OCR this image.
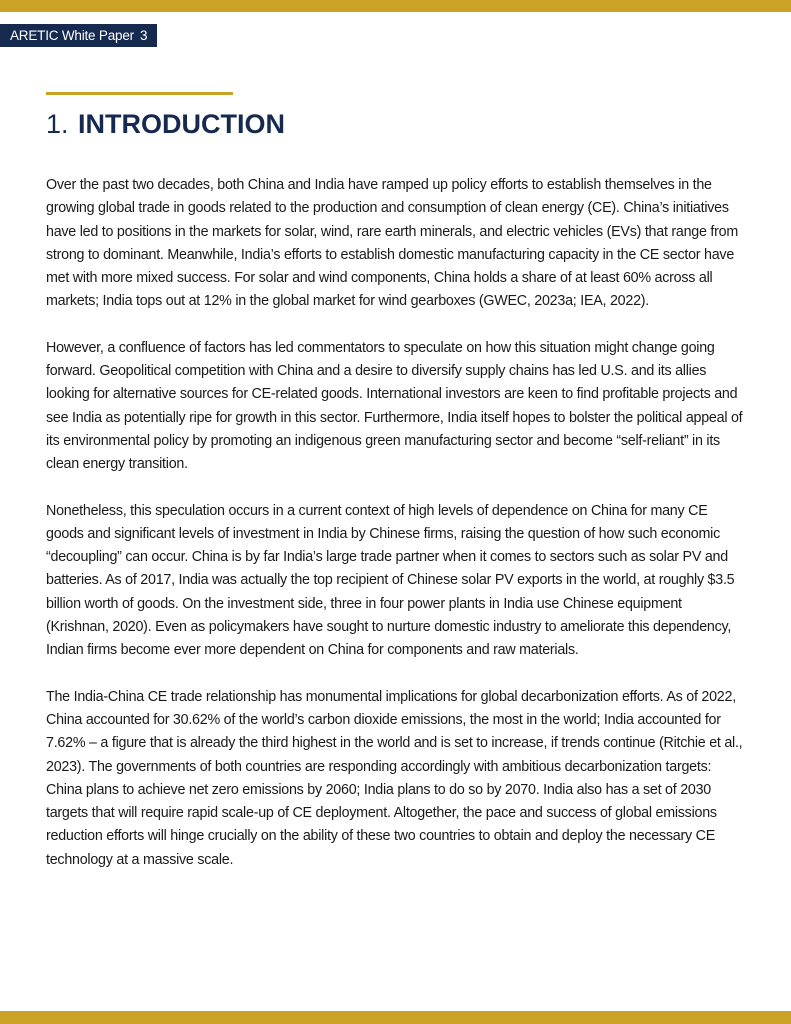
ARETIC White Paper 3
1. INTRODUCTION

Over the past two decades, both China and India have ramped up policy efforts to establish themselves in the growing global trade in goods related to the production and consumption of clean energy (CE). China’s initiatives have led to positions in the markets for solar, wind, rare earth minerals, and electric vehicles (EVs) that range from strong to dominant. Meanwhile, India’s efforts to establish domestic manufacturing capacity in the CE sector have met with more mixed success. For solar and wind components, China holds a share of at least 60% across all markets; India tops out at 12% in the global market for wind gearboxes (GWEC, 2023a; IEA, 2022).

However, a confluence of factors has led commentators to speculate on how this situation might change going forward. Geopolitical competition with China and a desire to diversify supply chains has led U.S. and its allies looking for alternative sources for CE-related goods. International investors are keen to find profitable projects and see India as potentially ripe for growth in this sector. Furthermore, India itself hopes to bolster the political appeal of its environmental policy by promoting an indigenous green manufacturing sector and become “self-reliant” in its clean energy transition.

Nonetheless, this speculation occurs in a current context of high levels of dependence on China for many CE goods and significant levels of investment in India by Chinese firms, raising the question of how such economic “decoupling” can occur. China is by far India’s large trade partner when it comes to sectors such as solar PV and batteries. As of 2017, India was actually the top recipient of Chinese solar PV exports in the world, at roughly $3.5 billion worth of goods. On the investment side, three in four power plants in India use Chinese equipment (Krishnan, 2020). Even as policymakers have sought to nurture domestic industry to ameliorate this dependency, Indian firms become ever more dependent on China for components and raw materials.

The India-China CE trade relationship has monumental implications for global decarbonization efforts. As of 2022, China accounted for 30.62% of the world’s carbon dioxide emissions, the most in the world; India accounted for 7.62% – a figure that is already the third highest in the world and is set to increase, if trends continue (Ritchie et al., 2023). The governments of both countries are responding accordingly with ambitious decarbonization targets: China plans to achieve net zero emissions by 2060; India plans to do so by 2070. India also has a set of 2030 targets that will require rapid scale-up of CE deployment. Altogether, the pace and success of global emissions reduction efforts will hinge crucially on the ability of these two countries to obtain and deploy the necessary CE technology at a massive scale.
